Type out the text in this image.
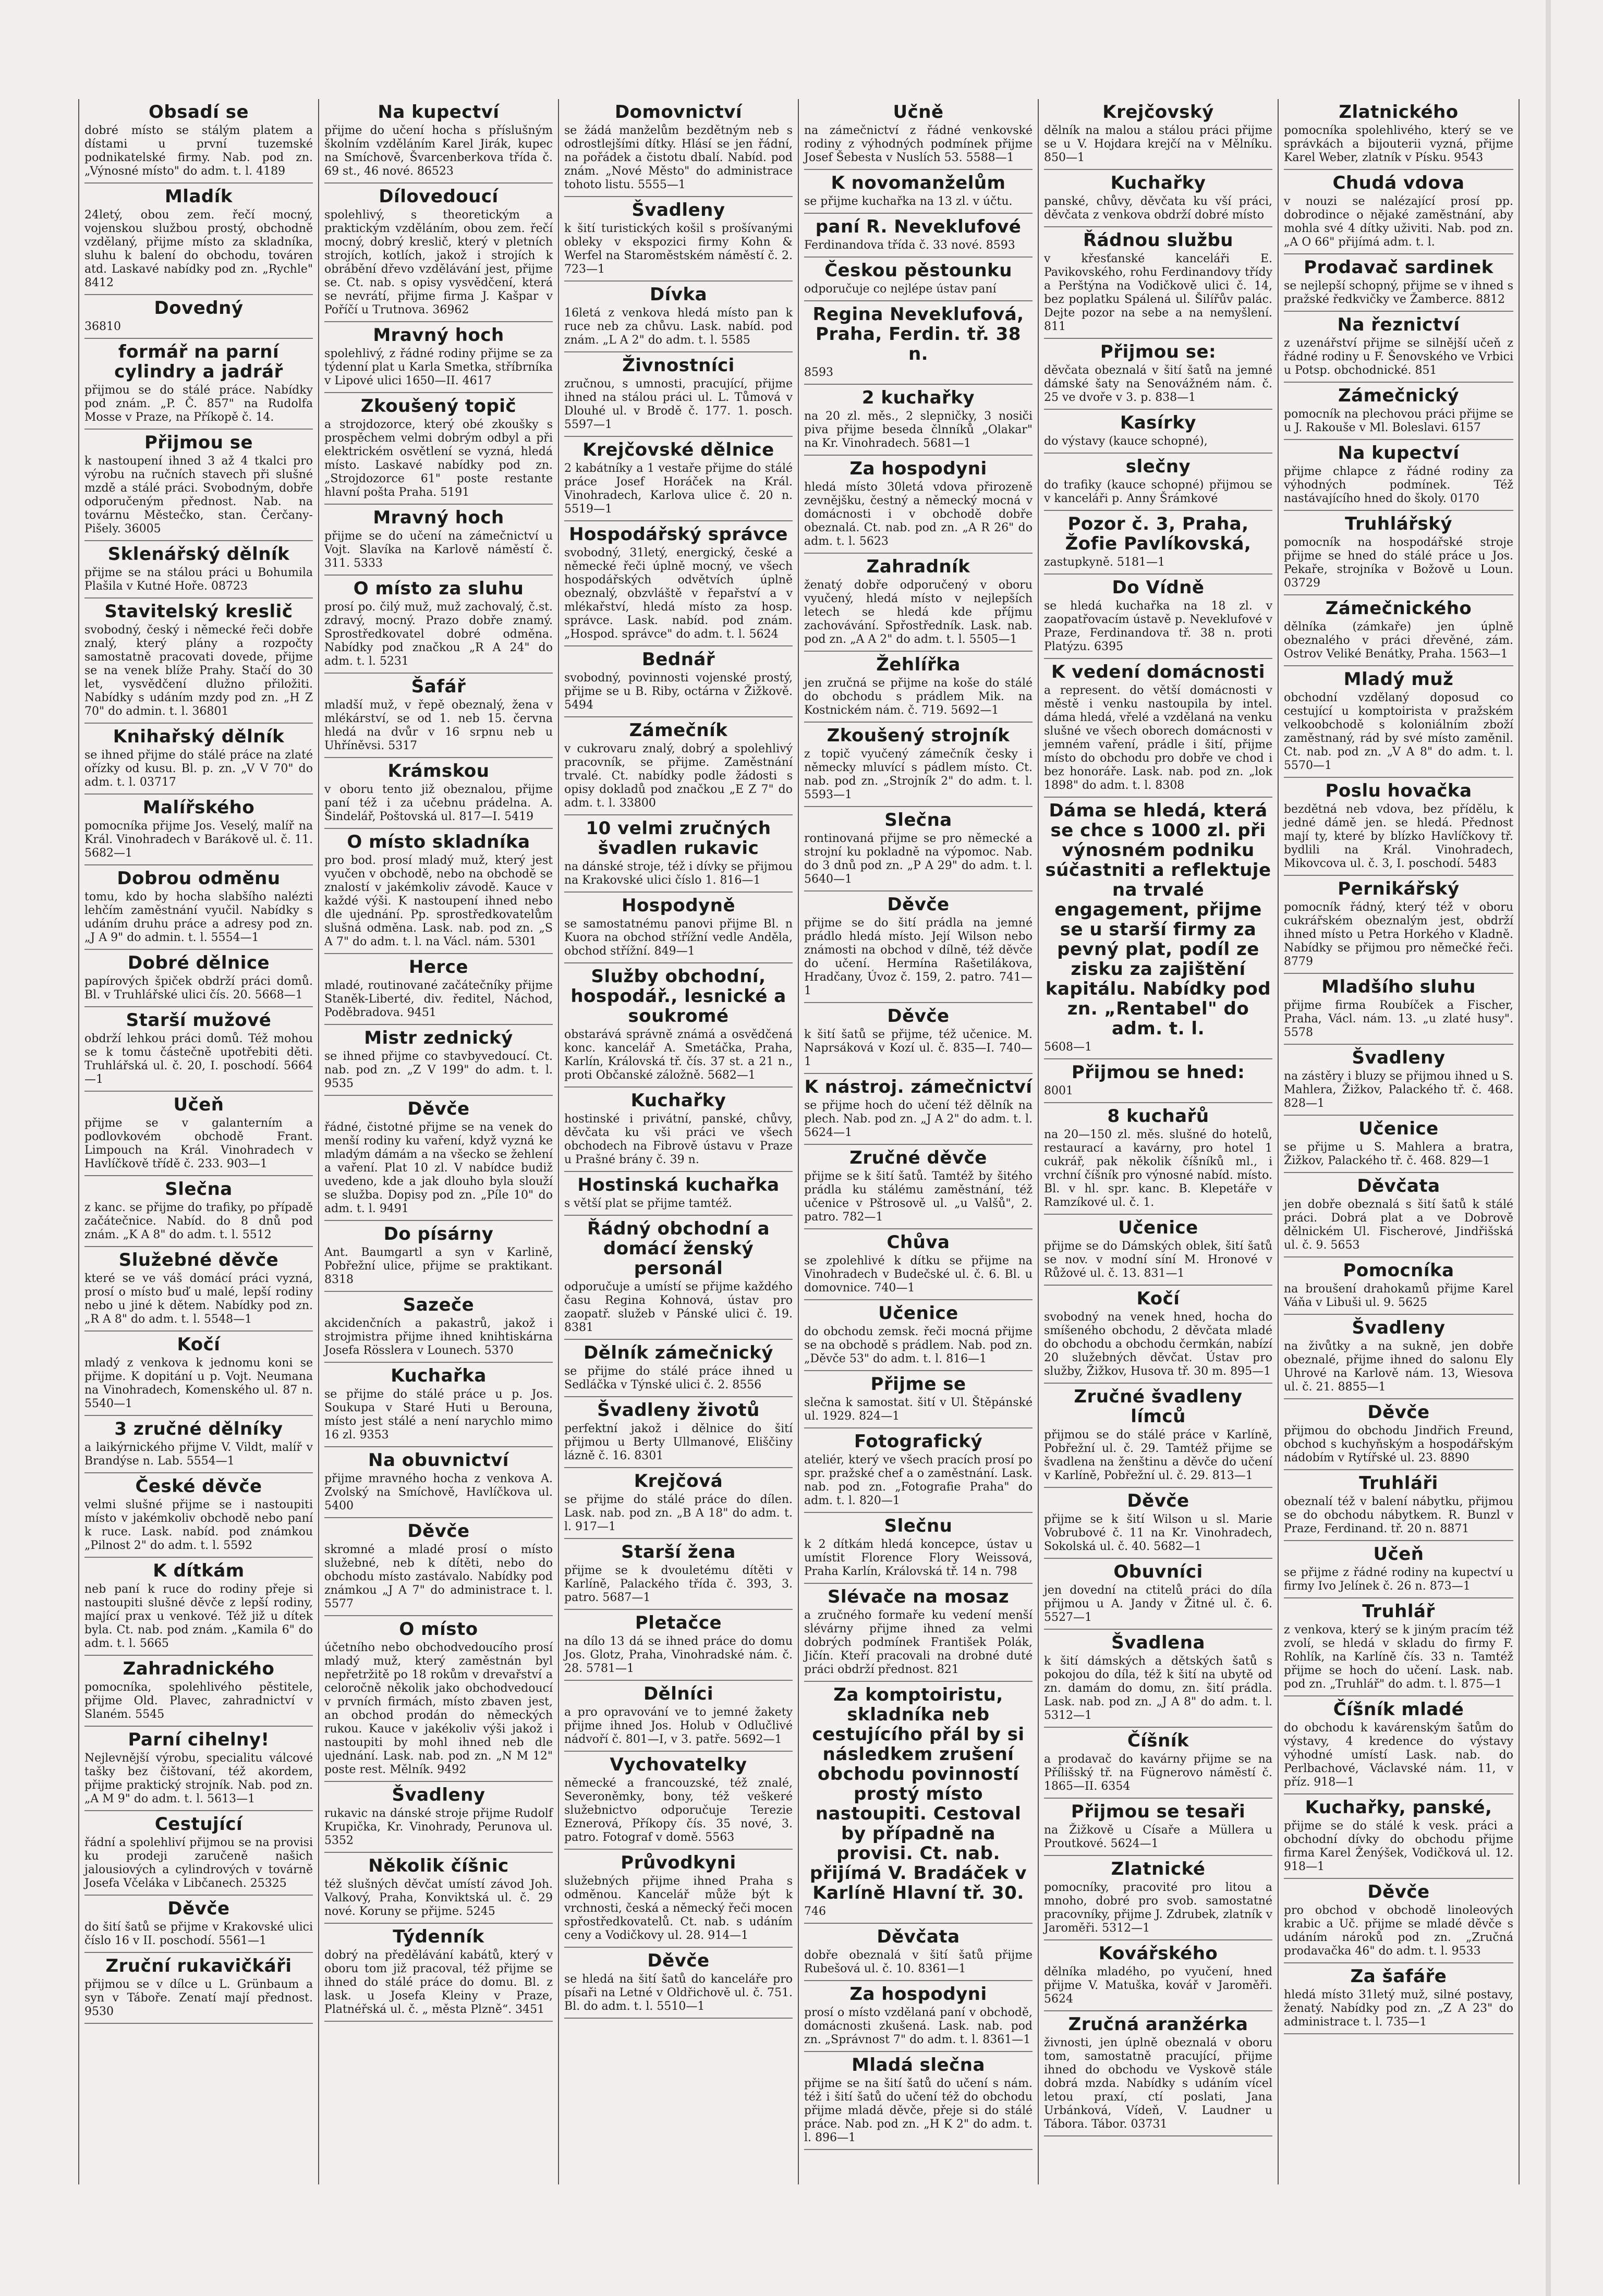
Obsadí se

dobré místo se stálým platem a dístami u první tuzemské podnikatelské firmy. Nab. pod zn. „Výnosné místo" do adm. t. l. 4189

Mladík

24letý, obou zem. řečí mocný, vojenskou službou prostý, obchodně vzdělaný, přijme místo za skladníka, sluhu k balení do obchodu, továren atd. Laskavé nabídky pod zn. „Rychle" 8412

Dovedný

36810

formář na parní cylindry a jadrář

přijmou se do stálé práce. Nabídky pod znám. „P. Č. 857" na Rudolfa Mosse v Praze, na Příkopě č. 14.

Přijmou se

k nastoupení ihned 3 až 4 tkalci pro výrobu na ručních stavech při slušné mzdě a stálé práci. Svobodným, dobře odporučeným přednost. Nab. na továrnu Městečko, stan. Čerčany-Pišely. 36005

Sklenářský dělník

přijme se na stálou práci u Bohumila Plašila v Kutné Hoře. 08723

Stavitelský kreslič

svobodný, český i německé řeči dobře znalý, který plány a rozpočty samostatně pracovati dovede, přijme se na venek blíže Prahy. Stačí do 30 let, vysvědčení dlužno přiložiti. Nabídky s udáním mzdy pod zn. „H Z 70" do admin. t. l. 36801

Knihařský dělník

se ihned přijme do stálé práce na zlaté ořízky od kusu. Bl. p. zn. „V V 70" do adm. t. l. 03717

Malířského

pomocníka přijme Jos. Veselý, malíř na Král. Vinohradech v Barákově ul. č. 11. 5682—1

Dobrou odměnu

tomu, kdo by hocha slabšího nalézti lehčím zaměstnání vyučil. Nabídky s udáním druhu práce a adresy pod zn. „J A 9" do admin. t. l. 5554—1

Dobré dělnice

papírových špiček obdrží práci domů. Bl. v Truhlářské ulici čís. 20. 5668—1

Starší mužové

obdrží lehkou práci domů. Též mohou se k tomu částečně upotřebiti děti. Truhlářská ul. č. 20, I. poschodí. 5664—1

Učeň

přijme se v galanterním a podlovkovém obchodě Frant. Limpouch na Král. Vinohradech v Havlíčkově třídě č. 233. 903—1

Slečna

z kanc. se přijme do trafiky, po případě začátečnice. Nabíd. do 8 dnů pod znám. „K A 8" do adm. t. l. 5512

Služebné děvče

které se ve váš domácí práci vyzná, prosí o místo buď u malé, lepší rodiny nebo u jiné k dětem. Nabídky pod zn. „R A 8" do adm. t. l. 5548—1

Kočí

mladý z venkova k jednomu koni se přijme. K dopitání u p. Vojt. Neumana na Vinohradech, Komenského ul. 87 n. 5540—1

3 zručné dělníky

a laikýrnického přijme V. Vildt, malíř v Brandýse n. Lab. 5554—1

České děvče

velmi slušné přijme se i nastoupiti místo v jakémkoliv obchodě nebo paní k ruce. Lask. nabíd. pod známkou „Pilnost 2" do adm. t. l. 5592

K dítkám

neb paní k ruce do rodiny přeje si nastoupiti slušné děvče z lepší rodiny, mající prax u venkové. Též již u dítek byla. Ct. nab. pod znám. „Kamila 6" do adm. t. l. 5665

Zahradnického

pomocníka, spolehlivého pěstitele, přijme Old. Plavec, zahradnictví v Slaném. 5545

Parní cihelny!

Nejlevnější výrobu, specialitu válcové tašky bez čištovaní, též akordem, přijme praktický strojník. Nab. pod zn. „A M 9" do adm. t. l. 5613—1

Cestující

řádní a spolehliví přijmou se na provisi ku prodeji zaručeně našich jalousiových a cylindrových v továrně Josefa Včeláka v Libčanech. 25325

Děvče

do šití šatů se přijme v Krakovské ulici číslo 16 v II. poschodí. 5561—1

Zruční rukavičkáři

přijmou se v dílce u L. Grünbaum a syn v Táboře. Zenatí mají přednost. 9530

Na kupectví

přijme do učení hocha s příslušným školním vzděláním Karel Jirák, kupec na Smíchově, Švarcenberkova třída č. 69 st., 46 nové. 86523

Dílovedoucí

spolehlivý, s theoretickým a praktickým vzděláním, obou zem. řečí mocný, dobrý kreslič, který v pletních strojích, kotlích, jakož i strojích k obrábění dřevo vzdělávání jest, přijme se. Ct. nab. s opisy vysvědčení, která se nevrátí, přijme firma J. Kašpar v Poříčí u Trutnova. 36962

Mravný hoch

spolehlivý, z řádné rodiny přijme se za týdenní plat u Karla Smetka, stříbrníka v Lipové ulici 1650—II. 4617

Zkoušený topič

a strojdozorce, který obé zkoušky s prospěchem velmi dobrým odbyl a při elektrickém osvětlení se vyzná, hledá místo. Laskavé nabídky pod zn. „Strojdozorce 61" poste restante hlavní pošta Praha. 5191

Mravný hoch

přijme se do učení na zámečnictví u Vojt. Slavíka na Karlově náměstí č. 311. 5333

O místo za sluhu

prosí po. čilý muž, muž zachovalý, č.st. zdravý, mocný. Prazo dobře znamý. Sprostředkovatel dobré odměna. Nabídky pod značkou „R A 24" do adm. t. l. 5231

Šafář

mladší muž, v řepě obeznalý, žena v mlékárství, se od 1. neb 15. června hledá na dvůr v 16 srpnu neb u Uhříněvsi. 5317

Krámskou

v oboru tento již obeznalou, přijme paní též i za učebnu prádelna. A. Šindelář, Poštovská ul. 817—I. 5419

O místo skladníka

pro bod. prosí mladý muž, který jest vyučen v obchodě, nebo na obchodě se znalostí v jakémkoliv závodě. Kauce v každé výši. K nastoupení ihned nebo dle ujednání. Pp. sprostředkovatelům slušná odměna. Lask. nab. pod zn. „S A 7" do adm. t. l. na Václ. nám. 5301

Herce

mladé, routinované začátečníky přijme Staněk-Liberté, div. ředitel, Náchod, Poděbradova. 9451

Mistr zednický

se ihned přijme co stavbyvedoucí. Ct. nab. pod zn. „Z V 199" do adm. t. l. 9535

Děvče

řádné, čistotné přijme se na venek do menší rodiny ku vaření, když vyzná ke mladým dámám a na všecko se žehlení a vaření. Plat 10 zl. V nabídce budiž uvedeno, kde a jak dlouho byla slouží se služba. Dopisy pod zn. „Píle 10" do adm. t. l. 9491

Do písárny

Ant. Baumgartl a syn v Karlině, Pobřežní ulice, přijme se praktikant. 8318

Sazeče

akcidenčních a pakastrů, jakož i strojmistra přijme ihned knihtiskárna Josefa Rösslera v Lounech. 5370

Kuchařka

se přijme do stálé práce u p. Jos. Soukupa v Staré Huti u Berouna, místo jest stálé a není narychlo mimo 16 zl. 9353

Na obuvnictví

přijme mravného hocha z venkova A. Zvolský na Smíchově, Havlíčkova ul. 5400

Děvče

skromné a mladé prosí o místo služebné, neb k dítěti, nebo do obchodu místo zastávalo. Nabídky pod známkou „J A 7" do administrace t. l. 5577

O místo

účetního nebo obchodvedoucího prosí mladý muž, který zaměstnán byl nepřetržitě po 18 rokům v drevařství a celoročně několik jako obchodvedoucí v prvních firmách, místo zbaven jest, an obchod prodán do německých rukou. Kauce v jakékoliv výši jakož i nastoupiti by mohl ihned neb dle ujednání. Lask. nab. pod zn. „N M 12" poste rest. Mělník. 9492

Švadleny

rukavic na dánské stroje přijme Rudolf Krupička, Kr. Vinohrady, Perunova ul. 5352

Několik číšnic

též slušných děvčat umístí závod Joh. Valkový, Praha, Konviktská ul. č. 29 nové. Koruny se přijme. 5245

Týdenník

dobrý na předělávání kabátů, který v oboru tom již pracoval, též přijme se ihned do stálé práce do domu. Bl. z lask. u Josefa Kleiny v Praze, Platnéřská ul. č. „ města Plzně“. 3451

Domovnictví

se žádá manželům bezdětným neb s odrostlejšími dítky. Hlásí se jen řádní, na pořádek a čistotu dbalí. Nabíd. pod znám. „Nové Město" do administrace tohoto listu. 5555—1

Švadleny

k šití turistických košil s prošívanými obleky v ekspozici firmy Kohn & Werfel na Staroměstském náměstí č. 2. 723—1

Dívka

16letá z venkova hledá místo pan k ruce neb za chůvu. Lask. nabíd. pod znám. „L A 2" do adm. t. l. 5585

Živnostníci

zručnou, s umnosti, pracující, přijme ihned na stálou práci ul. L. Tůmová v Dlouhé ul. v Brodě č. 177. 1. posch. 5597—1

Krejčovské dělnice

2 kabátníky a 1 vestaře přijme do stálé práce Josef Horáček na Král. Vinohradech, Karlova ulice č. 20 n. 5519—1

Hospodářský správce

svobodný, 31letý, energický, české a německé řeči úplně mocný, ve všech hospodářských odvětvích úplně obeznalý, obzvláště v řepařství a v mlékařství, hledá místo za hosp. správce. Lask. nabíd. pod znám. „Hospod. správce" do adm. t. l. 5624

Bednář

svobodný, povinnosti vojenské prostý, přijme se u B. Riby, octárna v Žižkově. 5494

Zámečník

v cukrovaru znalý, dobrý a spolehlivý pracovník, se přijme. Zaměstnání trvalé. Ct. nabídky podle žádosti s opisy dokladů pod značkou „E Z 7" do adm. t. l. 33800

10 velmi zručných švadlen rukavic

na dánské stroje, též i dívky se přijmou na Krakovské ulici číslo 1. 816—1

Hospodyně

se samostatnému panovi přijme Bl. n Kuora na obchod střížní vedle Anděla, obchod střížní. 849—1

Služby obchodní, hospodář., lesnické a soukromé

obstarává správně známá a osvědčená konc. kancelář A. Smetáčka, Praha, Karlín, Královská tř. čís. 37 st. a 21 n., proti Občanské záložně. 5682—1

Kuchařky

hostinské i privátní, panské, chůvy, děvčata ku vši práci ve všech obchodech na Fibrově ústavu v Praze u Prašné brány č. 39 n.

Hostinská kuchařka

s větší plat se přijme tamtéž.

Řádný obchodní a domácí ženský personál

odporučuje a umístí se přijme každého času Regina Kohnová, ústav pro zaopatř. služeb v Pánské ulici č. 19. 8381

Dělník zámečnický

se přijme do stálé práce ihned u Sedláčka v Týnské ulici č. 2. 8556

Švadleny životů

perfektní jakož i dělnice do šití přijmou u Berty Ullmanové, Eliščiny lázně č. 16. 8301

Krejčová

se přijme do stálé práce do dílen. Lask. nab. pod zn. „B A 18" do adm. t. l. 917—1

Starší žena

přijme se k dvouletému dítěti v Karlíně, Palackého třída č. 393, 3. patro. 5687—1

Pletačce

na dílo 13 dá se ihned práce do domu Jos. Glotz, Praha, Vinohradské nám. č. 28. 5781—1

Dělníci

a pro opravování ve to jemné žakety přijme ihned Jos. Holub v Odlučlivé nádvoří č. 801—I, v 3. patře. 5692—1

Vychovatelky

německé a francouzské, též znalé, Severoněmky, bony, též veškeré služebnictvo odporučuje Terezie Eznerová, Příkopy čís. 35 nové, 3. patro. Fotograf v domě. 5563

Průvodkyni

služebných přijme ihned Praha s odměnou. Kancelář může být k vrchnosti, česká a německý řeči mocen spřostředkovatelů. Ct. nab. s udáním ceny a Vodičkovy ul. 28. 914—1

Děvče

se hledá na šití šatů do kanceláře pro písaři na Letné v Oldřichově ul. č. 751. Bl. do adm. t. l. 5510—1

Učně

na zámečnictví z řádné venkovské rodiny z výhodných podmínek přijme Josef Šebesta v Nuslích 53. 5588—1

K novomanželům

se přijme kuchařka na 13 zl. v účtu.

paní R. Neveklufové

Ferdinandova třída č. 33 nové. 8593

Českou pěstounku

odporučuje co nejlépe ústav paní

Regina Neveklufová, Praha, Ferdin. tř. 38 n.

8593

2 kuchařky

na 20 zl. měs., 2 slepničky, 3 nosiči piva přijme beseda člnníků „Olakar" na Kr. Vinohradech. 5681—1

Za hospodyni

hledá místo 30letá vdova přirozeně zevnějšku, čestný a německý mocná v domácnosti i v obchodě dobře obeznalá. Ct. nab. pod zn. „A R 26" do adm. t. l. 5623

Zahradník

ženatý dobře odporučený v oboru vyučený, hledá místo v nejlepších letech se hledá kde příjmu zachovávání. Spřostředník. Lask. nab. pod zn. „A A 2" do adm. t. l. 5505—1

Žehlířka

jen zručná se přijme na koše do stálé do obchodu s prádlem Mik. na Kostnickém nám. č. 719. 5692—1

Zkoušený strojník

z topič vyučený zámečník česky i německy mluvící s pádlem místo. Ct. nab. pod zn. „Strojník 2" do adm. t. l. 5593—1

Slečna

rontinovaná přijme se pro německé a strojní ku pokladně na výpomoc. Nab. do 3 dnů pod zn. „P A 29" do adm. t. l. 5640—1

Děvče

přijme se do šití prádla na jemné prádlo hledá místo. Její Wilson nebo známosti na obchod v dílně, též děvče do učení. Hermína Rašetilákova, Hradčany, Úvoz č. 159, 2. patro. 741—1

Děvče

k šití šatů se přijme, též učenice. M. Naprsáková v Kozí ul. č. 835—I. 740—1

K nástroj. zámečnictví

se přijme hoch do učení též dělník na plech. Nab. pod zn. „J A 2" do adm. t. l. 5624—1

Zručné děvče

přijme se k šití šatů. Tamtéž by šitého prádla ku stálému zaměstnání, též učenice v Pštrosově ul. „u Valšů", 2. patro. 782—1

Chůva

se zpolehlivé k dítku se přijme na Vinohradech v Budečské ul. č. 6. Bl. u domovnice. 740—1

Učenice

do obchodu zemsk. řeči mocná přijme se na obchodě s prádlem. Nab. pod zn. „Děvče 53" do adm. t. l. 816—1

Přijme se

slečna k samostat. šití v Ul. Štěpánské ul. 1929. 824—1

Fotografický

ateliér, který ve všech pracích prosí po spr. pražské chef a o zaměstnání. Lask. nab. pod zn. „Fotografie Praha" do adm. t. l. 820—1

Slečnu

k 2 dítkám hledá koncepce, ústav u umístit Florence Flory Weissová, Praha Karlín, Královská tř. 14 n. 798

Slévače na mosaz

a zručného formaře ku vedení menší slévárny přijme ihned za velmi dobrých podmínek František Polák, Jičín. Kteří pracovali na drobné duté práci obdrží přednost. 821

Za komptoiristu, skladníka neb cestujícího přál by si následkem zrušení obchodu povinností prostý místo nastoupiti. Cestoval by případně na provisi. Ct. nab. přijímá V. Bradáček v Karlíně Hlavní tř. 30.

746

Děvčata

dobře obeznalá v šití šatů přijme Rubešová ul. č. 10. 8361—1

Za hospodyni

prosí o místo vzdělaná paní v obchodě, domácnosti zkušená. Lask. nab. pod zn. „Správnost 7" do adm. t. l. 8361—1

Mladá slečna

přijme se na šití šatů do učení s nám. též i šití šatů do učení též do obchodu přijme mladá děvče, přeje si do stálé práce. Nab. pod zn. „H K 2" do adm. t. l. 896—1

Krejčovský

dělník na malou a stálou práci přijme se u V. Hojdara krejčí na v Mělníku. 850—1

Kuchařky

panské, chůvy, děvčata ku vší práci, děvčata z venkova obdrží dobré místo

Řádnou službu

v křesťanské kanceláři E. Pavikovského, rohu Ferdinandovy třídy a Perštýna na Vodičkově ulici č. 14, bez poplatku Spálená ul. Šilířův palác. Dejte pozor na sebe a na nemyšlení. 811

Přijmou se:

děvčata obeznalá v šití šatů na jemné dámské šaty na Senovážném nám. č. 25 ve dvoře v 3. p. 838—1

Kasírky

do výstavy (kauce schopné),

slečny

do trafiky (kauce schopné) přijmou se v kanceláři p. Anny Šrámkové

Pozor č. 3, Praha, Žofie Pavlíkovská,

zastupkyně. 5181—1

Do Vídně

se hledá kuchařka na 18 zl. v zaopatřovacím ústavě p. Neveklufové v Praze, Ferdinandova tř. 38 n. proti Platýzu. 6395

K vedení domácnosti

a represent. do větší domácnosti v městě i venku nastoupila by intel. dáma hledá, vřelé a vzdělaná na venku slušné ve všech oborech domácnosti v jemném vaření, prádle i šití, přijme místo do obchodu pro dobře ve chod i bez honoráře. Lask. nab. pod zn. „lok 1898" do adm. t. l. 8308

Dáma se hledá, která se chce s 1000 zl. při výnosném podniku súčastniti a reflektuje na trvalé engagement, přijme se u starší firmy za pevný plat, podíl ze zisku za zajištění kapitálu. Nabídky pod zn. „Rentabel" do adm. t. l.

5608—1

Přijmou se hned:

8001

8 kuchařů

na 20—150 zl. měs. slušné do hotelů, restaurací a kavárny, pro hotel 1 cukrář, pak několik číšníků ml., i vrchní číšník pro výnosné nabíd. místo. Bl. v hl. spr. kanc. B. Klepetáře v Ramzíkové ul. č. 1.

Učenice

přijme se do Dámských oblek, šití šatů se nov. v modní síní M. Hronové v Růžové ul. č. 13. 831—1

Kočí

svobodný na venek hned, hocha do smíšeného obchodu, 2 děvčata mladé do obchodu a obchodu čermkán, nabízí 20 služebných děvčat. Ústav pro služby, Žižkov, Husova tř. 30 m. 895—1

Zručné švadleny límců

přijmou se do stálé práce v Karlíně, Pobřežní ul. č. 29. Tamtéž přijme se švadlena na ženštinu a děvče do učení v Karlíně, Pobřežní ul. č. 29. 813—1

Děvče

přijme se k šití Wilson u sl. Marie Vobrubové č. 11 na Kr. Vinohradech, Sokolská ul. č. 40. 5682—1

Obuvníci

jen dovední na ctitelů práci do díla přijmou u A. Jandy v Žitné ul. č. 6. 5527—1

Švadlena

k šití dámských a dětských šatů s pokojou do díla, též k šití na ubytě od zn. damám do domu, zn. šití prádla. Lask. nab. pod zn. „J A 8" do adm. t. l. 5312—1

Číšník

a prodavač do kavárny přijme se na Přílišský tř. na Fügnerovo náměstí č. 1865—II. 6354

Přijmou se tesaři

na Žižkově u Císaře a Müllera u Proutkové. 5624—1

Zlatnické

pomocníky, pracovité pro litou a mnoho, dobré pro svob. samostatné pracovníky, přijme J. Zdrubek, zlatník v Jaroměři. 5312—1

Kovářského

dělníka mladého, po vyučení, hned přijme V. Matuška, kovář v Jaroměři. 5624

Zručná aranžérka

živnosti, jen úplně obeznalá v oboru tom, samostatně pracující, přijme ihned do obchodu ve Vyskově stále dobrá mzda. Nabídky s udáním vícel letou praxí, ctí poslati, Jana Urbánková, Vídeň, V. Laudner u Tábora. Tábor. 03731

Zlatnického

pomocníka spolehlivého, který se ve správkách a bijouterii vyzná, přijme Karel Weber, zlatník v Písku. 9543

Chudá vdova

v nouzi se nalézající prosí pp. dobrodince o nějaké zaměstnání, aby mohla své 4 dítky uživiti. Nab. pod zn. „A O 66" přijímá adm. t. l.

Prodavač sardinek

se nejlepší schopný, přijme se v ihned s pražské ředkvičky ve Žamberce. 8812

Na řeznictví

z uzenářství přijme se silnější učeň z řádné rodiny u F. Šenovského ve Vrbici u Potsp. obchodnické. 851

Zámečnický

pomocník na plechovou práci přijme se u J. Rakouše v Ml. Boleslavi. 6157

Na kupectví

přijme chlapce z řádné rodiny za výhodných podmínek. Též nastávajícího hned do školy. 0170

Truhlářský

pomocník na hospodářské stroje přijme se hned do stálé práce u Jos. Pekaře, strojníka v Božově u Loun. 03729

Zámečnického

dělníka (zámkaře) jen úplně obeznalého v práci dřevěné, zám. Ostrov Veliké Benátky, Praha. 1563—1

Mladý muž

obchodní vzdělaný doposud co cestující u komptoirista v pražském velkoobchodě s koloniálním zboží zaměstnaný, rád by své místo zaměnil. Ct. nab. pod zn. „V A 8" do adm. t. l. 5570—1

Poslu hovačka

bezdětná neb vdova, bez přídělu, k jedné dámě jen. se hledá. Přednost mají ty, které by blízko Havlíčkovy tř. bydlili na Král. Vinohradech, Mikovcova ul. č. 3, I. poschodí. 5483

Pernikářský

pomocník řádný, který též v oboru cukrářském obeznalým jest, obdrží ihned místo u Petra Horkého v Kladně. Nabídky se přijmou pro němečké řeči. 8779

Mladšího sluhu

přijme firma Roubíček a Fischer, Praha, Václ. nám. 13. „u zlaté husy". 5578

Švadleny

na zástěry i bluzy se přijmou ihned u S. Mahlera, Žižkov, Palackého tř. č. 468. 828—1

Učenice

se přijme u S. Mahlera a bratra, Žižkov, Palackého tř. č. 468. 829—1

Děvčata

jen dobře obeznalá s šití šatů k stálé práci. Dobrá plat a ve Dobrově dělnickém Ul. Fischerové, Jindřišská ul. č. 9. 5653

Pomocníka

na broušení drahokamů přijme Karel Váňa v Libuši ul. 9. 5625

Švadleny

na živůtky a na sukně, jen dobře obeznalé, přijme ihned do salonu Ely Uhrové na Karlově nám. 13, Wiesova ul. č. 21. 8855—1

Děvče

přijmou do obchodu Jindřich Freund, obchod s kuchyňským a hospodářským nádobím v Rytířské ul. 23. 8890

Truhláři

obeznalí též v balení nábytku, přijmou se do obchodu nábytkem. R. Bunzl v Praze, Ferdinand. tř. 20 n. 8871

Učeň

se přijme z řádné rodiny na kupectví u firmy Ivo Jelínek č. 26 n. 873—1

Truhlář

z venkova, který se k jiným pracím též zvolí, se hledá v skladu do firmy F. Rohlík, na Karlíně čís. 33 n. Tamtéž přijme se hoch do učení. Lask. nab. pod zn. „Truhlář" do adm. t. l. 875—1

Číšník mladé

do obchodu k kavárenským šatům do výstavy, 4 kredence do výstavy výhodné umístí Lask. nab. do Perlbachové, Václavské nám. 11, v příz. 918—1

Kuchařky, panské,

přijme se do stálé k vesk. práci a obchodní dívky do obchodu přijme firma Karel Ženýšek, Vodičková ul. 12. 918—1

Děvče

pro obchod v obchodě linoleových krabic a Uč. přijme se mladé děvče s udáním nároků pod zn. „Zručná prodavačka 46" do adm. t. l. 9533

Za šafáře

hledá místo 31letý muž, silné postavy, ženatý. Nabídky pod zn. „Z A 23" do administrace t. l. 735—1
